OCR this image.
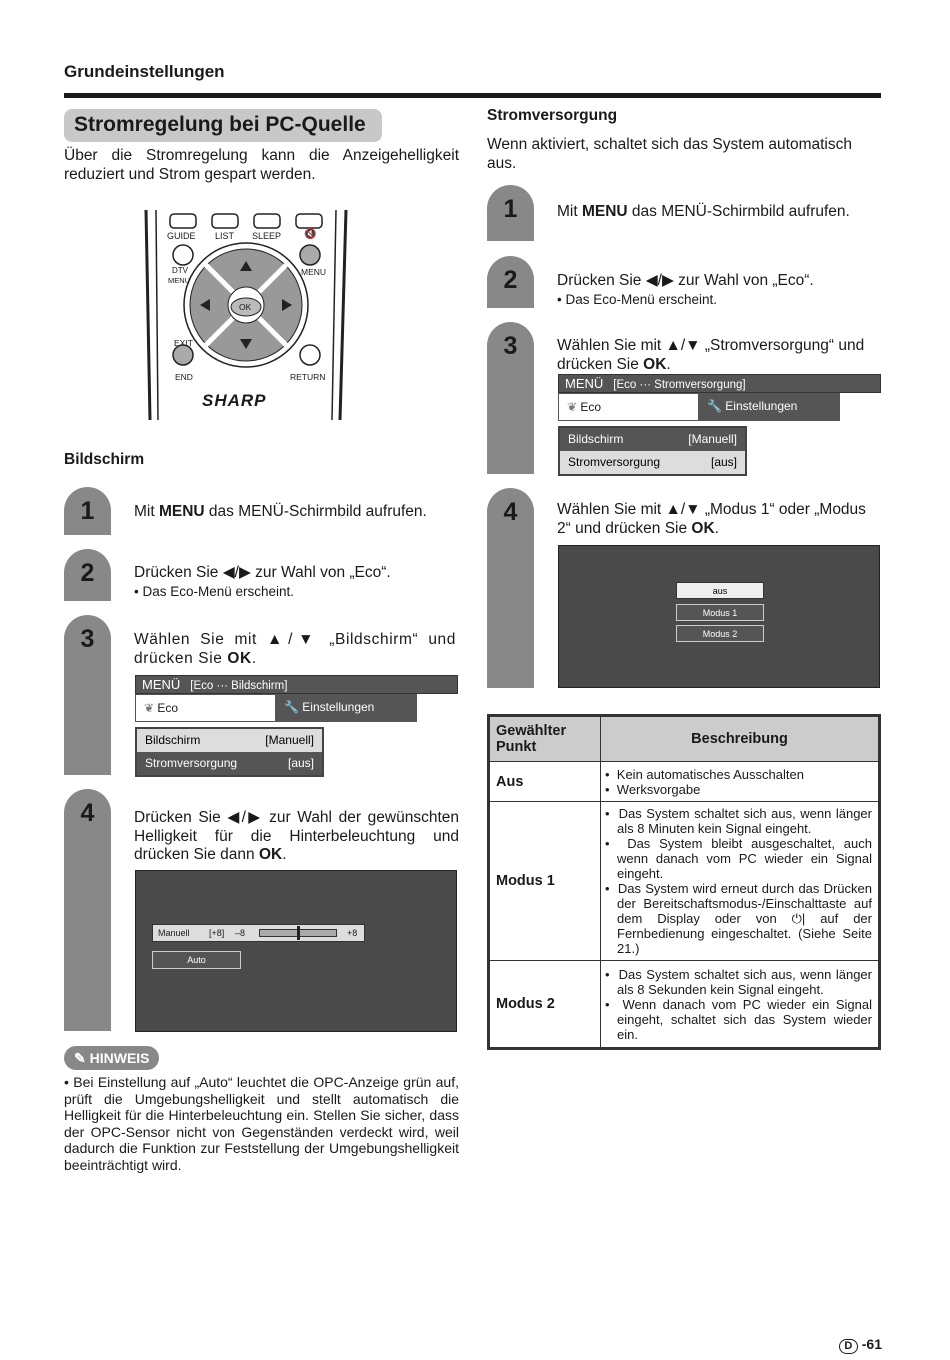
Grundeinstellungen
Stromregelung bei PC-Quelle
Über die Stromregelung kann die Anzeigehelligkeit reduziert und Strom gespart werden.
GUIDE LIST SLEEP 🔇
DTV
MENU
MENU
OK
EXIT
END	RETURN
SHARP
Bildschirm
1	Mit MENU das MENÜ-Schirmbild aufrufen.
2	Drücken Sie ◀/▶ zur Wahl von „Eco“.
• Das Eco-Menü erscheint.
3	Wählen Sie mit ▲/▼ „Bildschirm“ und drücken Sie OK.
MENÜ [Eco ··· Bildschirm]
❦ Eco	🔧 Einstellungen
Bildschirm	[Manuell]
Stromversorgung	[aus]
4	Drücken Sie ◀/▶ zur Wahl der gewünschten Helligkeit für die Hinterbeleuchtung und drücken Sie dann OK.
Manuell [+8] –8	+8
Auto
✎ HINWEIS
• Bei Einstellung auf „Auto“ leuchtet die OPC-Anzeige grün auf, prüft die Umgebungshelligkeit und stellt automatisch die Helligkeit für die Hinterbeleuchtung ein. Stellen Sie sicher, dass der OPC-Sensor nicht von Gegenständen verdeckt wird, weil dadurch die Funktion zur Feststellung der Umgebungshelligkeit beeinträchtigt wird.
Stromversorgung
Wenn aktiviert, schaltet sich das System automatisch aus.
1	Mit MENU das MENÜ-Schirmbild aufrufen.
2	Drücken Sie ◀/▶ zur Wahl von „Eco“.
• Das Eco-Menü erscheint.
3	Wählen Sie mit ▲/▼ „Stromversorgung“ und drücken Sie OK.
MENÜ [Eco ··· Stromversorgung]
❦ Eco	🔧 Einstellungen
Bildschirm	[Manuell]
Stromversorgung	[aus]
4	Wählen Sie mit ▲/▼ „Modus 1“ oder „Modus 2“ und drücken Sie OK.
aus
Modus 1
Modus 2
Gewählter Punkt	Beschreibung
Aus	•  Kein automatisches Ausschalten
•  Werksvorgabe

Modus 1	•  Das System schaltet sich aus, wenn länger als 8 Minuten kein Signal eingeht.
•  Das System bleibt ausgeschaltet, auch wenn danach vom PC wieder ein Signal eingeht.
•  Das System wird erneut durch das Drücken der Bereitschaftsmodus-/Einschalttaste auf dem Display oder von ⏻| auf der Fernbedienung eingeschaltet. (Siehe Seite 21.)

Modus 2	•  Das System schaltet sich aus, wenn länger als 8 Sekunden kein Signal eingeht.
•  Wenn danach vom PC wieder ein Signal eingeht, schaltet sich das System wieder ein.
D -61
